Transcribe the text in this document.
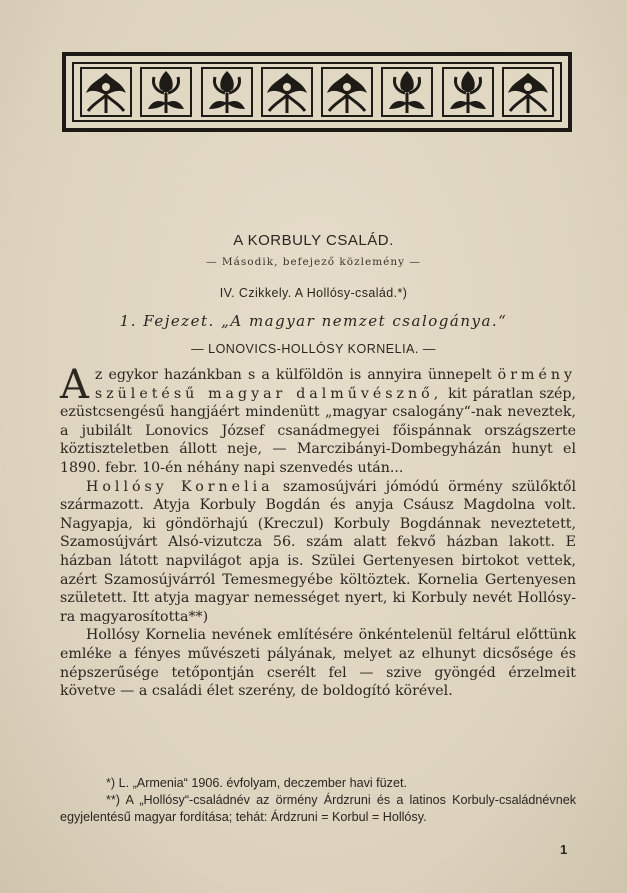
A KORBULY CSALÁD.
— Második, befejező közlemény —
IV. Czikkely. A Hollósy-család.*)
1. Fejezet. „A magyar nemzet csalogánya.“
— LONOVICS-HOLLÓSY KORNELIA. —

Az egykor hazánkban s a külföldön is annyira ünnepelt örmény születésű magyar dalművésznő, kit páratlan szép, ezüstcsengésű hangjáért mindenütt „magyar csalogány“-nak neveztek, a jubilált Lonovics József csanádmegyei főispánnak országszerte köztiszteletben állott neje, — Marczibányi-Dombegyházán hunyt el 1890. febr. 10-én néhány napi szenvedés után...

Hollósy Kornelia szamosújvári jómódú örmény szülőktől származott. Atyja Korbuly Bogdán és anyja Csáusz Magdolna volt. Nagyapja, ki göndörhajú (Kreczul) Korbuly Bogdánnak neveztetett, Szamosújvárt Alsó-vizutcza 56. szám alatt fekvő házban lakott. E házban látott napvilágot apja is. Szülei Gertenyesen birtokot vettek, azért Szamosújvárról Temesmegyébe költöztek. Kornelia Gertenyesen született. Itt atyja magyar nemességet nyert, ki Korbuly nevét Hollósy-ra magyarosította**)

Hollósy Kornelia nevének említésére önkéntelenül feltárul előttünk emléke a fényes művészeti pályának, melyet az elhunyt dicsősége és népszerűsége tetőpontján cserélt fel — szive gyöngéd érzelmeit követve — a családi élet szerény, de boldogító körével.

*) L. „Armenia“ 1906. évfolyam, deczember havi füzet.

**) A „Hollósy“-családnév az örmény Árdzruni és a latinos Korbuly-családnévnek egyjelentésű magyar fordítása; tehát: Árdzruni = Korbul = Hollósy.

1
